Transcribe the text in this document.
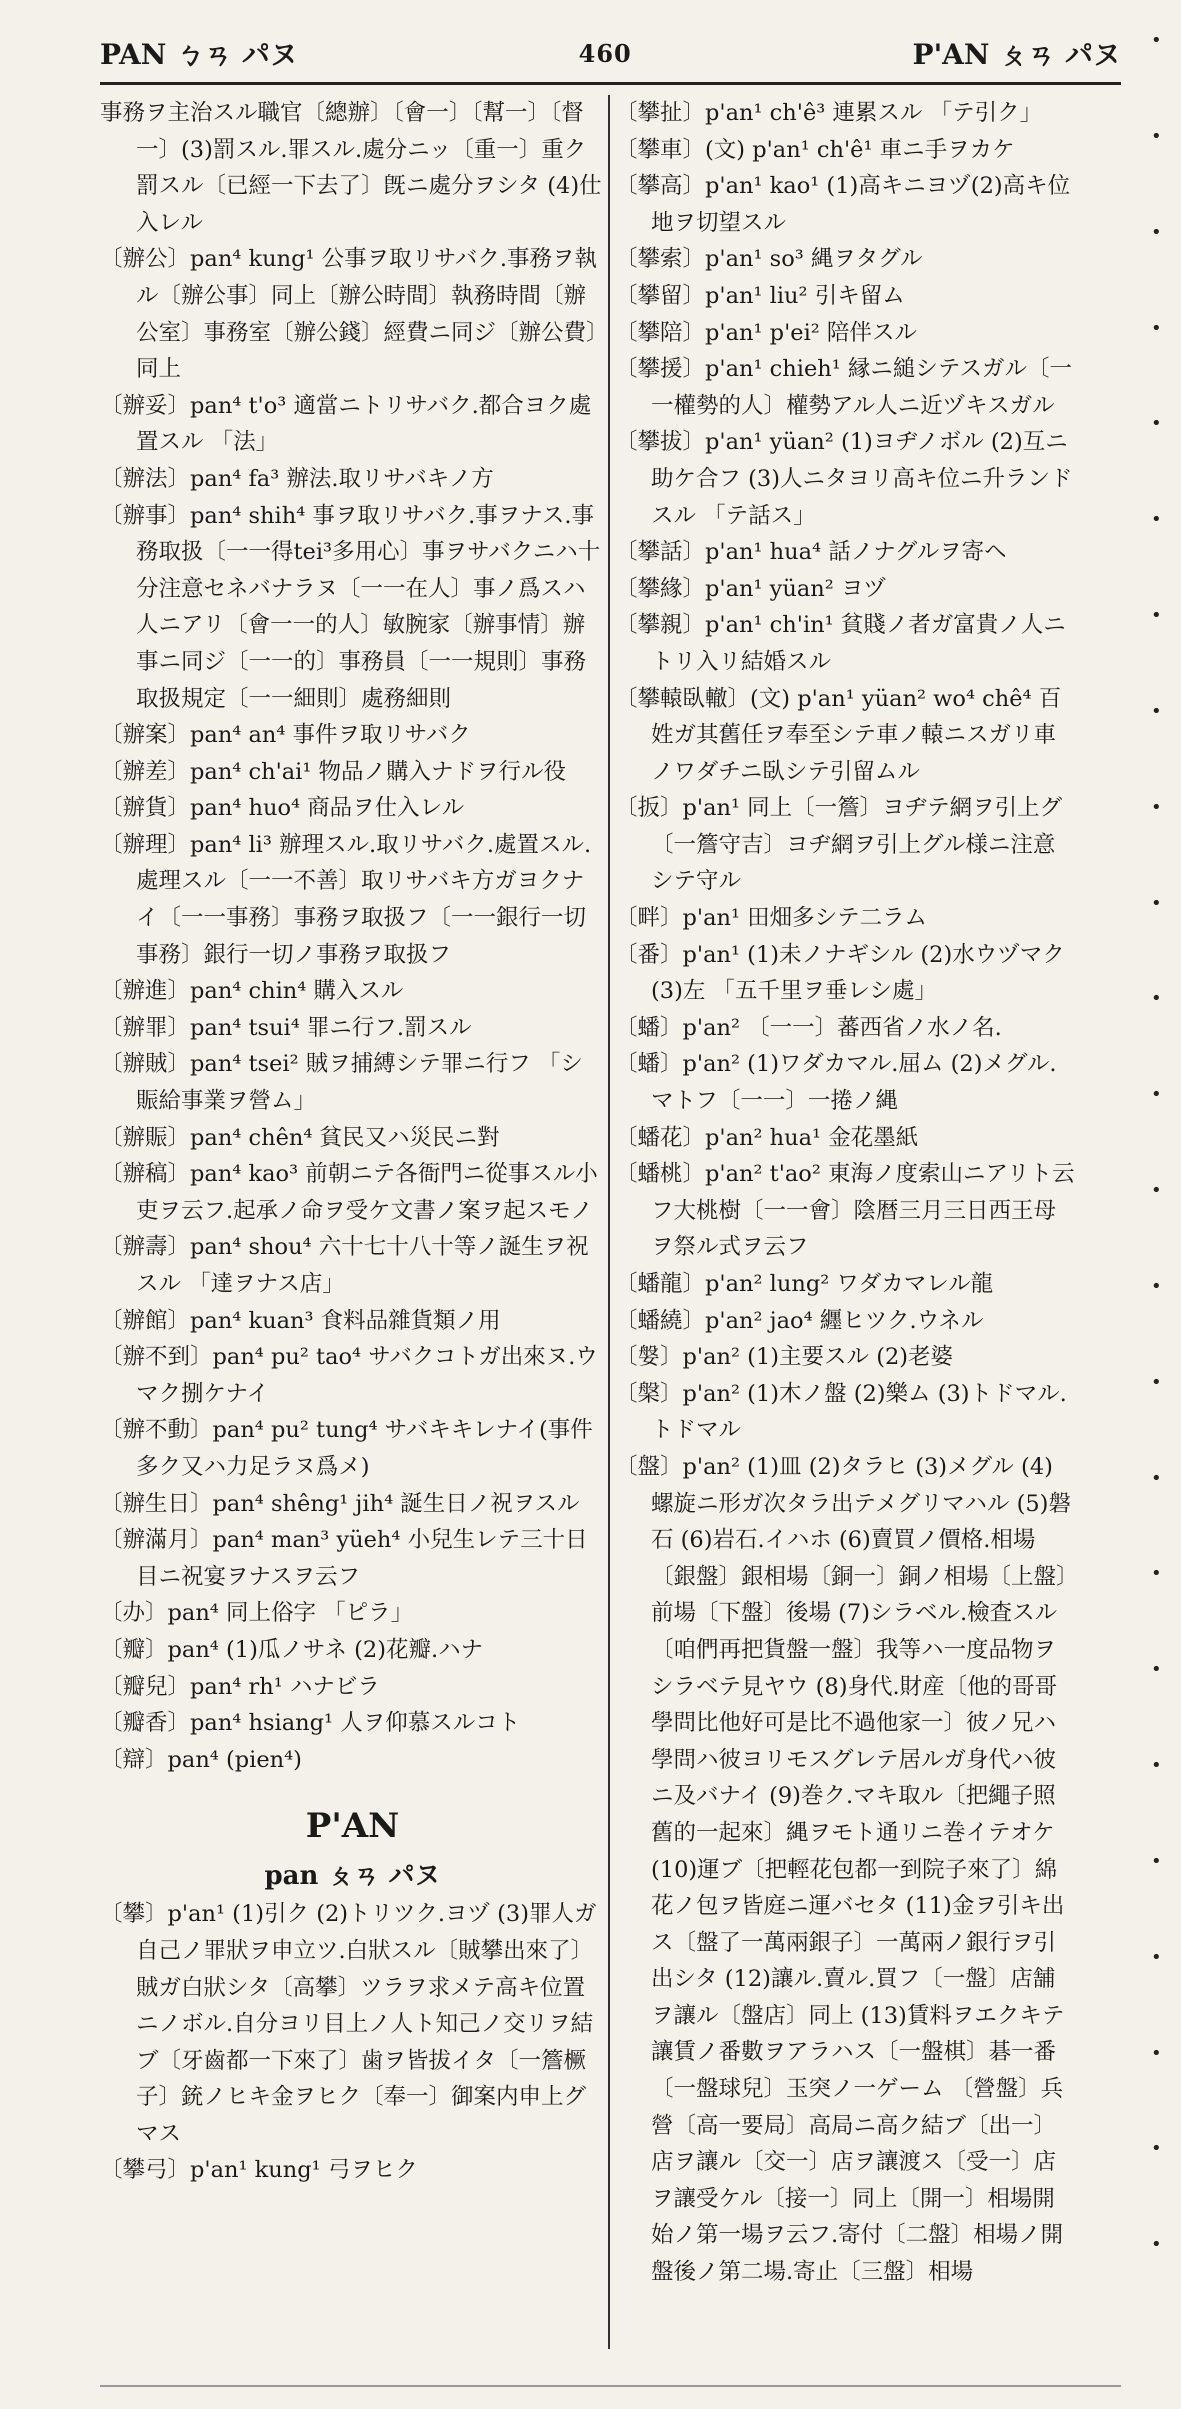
PAN ㄅㄢ パヌ	460	P'AN ㄆㄢ パヌ

事務ヲ主治スル職官〔總辦〕〔會一〕〔幫一〕〔督一〕(3)罰スル.罪スル.處分ニッ〔重一〕重ク罰スル〔已經一下去了〕旣ニ處分ヲシタ (4)仕入レル

〔辦公〕pan⁴ kung¹ 公事ヲ取リサバク.事務ヲ執ル〔辦公事〕同上〔辦公時間〕執務時間〔辦公室〕事務室〔辦公錢〕經費ニ同ジ〔辦公費〕同上

〔辦妥〕pan⁴ t'o³ 適當ニトリサバク.都合ヨク處置スル 「法」

〔辦法〕pan⁴ fa³ 辦法.取リサバキノ方

〔辦事〕pan⁴ shih⁴ 事ヲ取リサバク.事ヲナス.事務取扱〔一一得tei³多用心〕事ヲサバクニハ十分注意セネバナラヌ〔一一在人〕事ノ爲スハ人ニアリ〔會一一的人〕敏腕家〔辦事情〕辦事ニ同ジ〔一一的〕事務員〔一一規則〕事務取扱規定〔一一細則〕處務細則

〔辦案〕pan⁴ an⁴ 事件ヲ取リサバク

〔辦差〕pan⁴ ch'ai¹ 物品ノ購入ナドヲ行ル役

〔辦貨〕pan⁴ huo⁴ 商品ヲ仕入レル

〔辦理〕pan⁴ li³ 辦理スル.取リサバク.處置スル.處理スル〔一一不善〕取リサバキ方ガヨクナイ〔一一事務〕事務ヲ取扱フ〔一一銀行一切事務〕銀行一切ノ事務ヲ取扱フ

〔辦進〕pan⁴ chin⁴ 購入スル

〔辦罪〕pan⁴ tsui⁴ 罪ニ行フ.罰スル

〔辦賊〕pan⁴ tsei² 賊ヲ捕縛シテ罪ニ行フ 「シ賑給事業ヲ營ム」

〔辦賑〕pan⁴ chên⁴ 貧民又ハ災民ニ對

〔辦稿〕pan⁴ kao³ 前朝ニテ各衙門ニ從事スル小吏ヲ云フ.起承ノ命ヲ受ケ文書ノ案ヲ起スモノ

〔辦壽〕pan⁴ shou⁴ 六十七十八十等ノ誕生ヲ祝スル 「達ヲナス店」

〔辦館〕pan⁴ kuan³ 食料品雜貨類ノ用

〔辦不到〕pan⁴ pu² tao⁴ サバクコトガ出來ヌ.ウマク捌ケナイ

〔辦不動〕pan⁴ pu² tung⁴ サバキキレナイ(事件多ク又ハ力足ラヌ爲メ)

〔辦生日〕pan⁴ shêng¹ jih⁴ 誕生日ノ祝ヲスル

〔辦滿月〕pan⁴ man³ yüeh⁴ 小兒生レテ三十日目ニ祝宴ヲナスヲ云フ

〔办〕pan⁴ 同上俗字 「ピラ」

〔瓣〕pan⁴ (1)瓜ノサネ (2)花瓣.ハナ

〔瓣兒〕pan⁴ rh¹ ハナビラ

〔瓣香〕pan⁴ hsiang¹ 人ヲ仰慕スルコト

〔辯〕pan⁴ (pien⁴)

P'AN
pan ㄆㄢ パヌ

〔攀〕p'an¹ (1)引ク (2)トリツク.ヨヅ (3)罪人ガ自己ノ罪狀ヲ申立ツ.白狀スル〔賊攀出來了〕賊ガ白狀シタ〔高攀〕ツラヲ求メテ高キ位置ニノボル.自分ヨリ目上ノ人ト知己ノ交リヲ結ブ〔牙齒都一下來了〕歯ヲ皆拔イタ〔一簷橛子〕銃ノヒキ金ヲヒク〔奉一〕御案内申上グマス

〔攀弓〕p'an¹ kung¹ 弓ヲヒク

〔攀扯〕p'an¹ ch'ê³ 連累スル 「テ引ク」

〔攀車〕(文) p'an¹ ch'ê¹ 車ニ手ヲカケ

〔攀高〕p'an¹ kao¹ (1)高キニヨヅ(2)高キ位地ヲ切望スル

〔攀索〕p'an¹ so³ 縄ヲタグル

〔攀留〕p'an¹ liu² 引キ留ム

〔攀陪〕p'an¹ p'ei² 陪伴スル

〔攀援〕p'an¹ chieh¹ 縁ニ縋シテスガル〔一一權勢的人〕權勢アル人ニ近ヅキスガル

〔攀拔〕p'an¹ yüan² (1)ヨヂノボル (2)互ニ助ケ合フ (3)人ニタヨリ高キ位ニ升ランドスル 「テ話ス」

〔攀話〕p'an¹ hua⁴ 話ノナグルヲ寄ヘ

〔攀緣〕p'an¹ yüan² ヨヅ

〔攀親〕p'an¹ ch'in¹ 貧賤ノ者ガ富貴ノ人ニトリ入リ結婚スル

〔攀轅臥轍〕(文) p'an¹ yüan² wo⁴ chê⁴ 百姓ガ其舊任ヲ奉至シテ車ノ轅ニスガリ車ノワダチニ臥シテ引留ムル

〔扳〕p'an¹ 同上〔一簷〕ヨヂテ網ヲ引上グ〔一簷守吉〕ヨヂ網ヲ引上グル様ニ注意シテ守ル

〔畔〕p'an¹ 田畑多シテ二ラム

〔番〕p'an¹ (1)未ノナギシル (2)水ウヅマク (3)左 「五千里ヲ垂レシ處」

〔蟠〕p'an² 〔一一〕蕃西省ノ水ノ名.

〔蟠〕p'an² (1)ワダカマル.屈ム (2)メグル.マトフ〔一一〕一捲ノ縄

〔蟠花〕p'an² hua¹ 金花墨紙

〔蟠桃〕p'an² t'ao² 東海ノ度索山ニアリト云フ大桃樹〔一一會〕陰暦三月三日西王母ヲ祭ル式ヲ云フ

〔蟠龍〕p'an² lung² ワダカマレル龍

〔蟠繞〕p'an² jao⁴ 纒ヒツク.ウネル

〔媻〕p'an² (1)主要スル (2)老婆

〔槃〕p'an² (1)木ノ盤 (2)樂ム (3)トドマル.トドマル

〔盤〕p'an² (1)皿 (2)タラヒ (3)メグル (4)螺旋ニ形ガ次タラ出テメグリマハル (5)磐石 (6)岩石.イハホ (6)賣買ノ價格.相場〔銀盤〕銀相場〔銅一〕銅ノ相場〔上盤〕前場〔下盤〕後場 (7)シラベル.檢査スル〔咱們再把貨盤一盤〕我等ハ一度品物ヲシラベテ見ヤウ (8)身代.財産〔他的哥哥學問比他好可是比不過他家一〕彼ノ兄ハ學問ハ彼ヨリモスグレテ居ルガ身代ハ彼ニ及バナイ (9)巻ク.マキ取ル〔把繩子照舊的一起來〕縄ヲモト通リニ巻イテオケ (10)運ブ〔把輕花包都一到院子來了〕綿花ノ包ヲ皆庭ニ運バセタ (11)金ヲ引キ出ス〔盤了一萬兩銀子〕一萬兩ノ銀行ヲ引出シタ (12)讓ル.賣ル.買フ〔一盤〕店舗ヲ讓ル〔盤店〕同上 (13)賃料ヲエクキテ讓賃ノ番數ヲアラハス〔一盤棋〕碁一番〔一盤球兒〕玉突ノ一ゲーム 〔營盤〕兵營〔高一要局〕高局ニ高ク結ブ〔出一〕店ヲ讓ル〔交一〕店ヲ讓渡ス〔受一〕店ヲ讓受ケル〔接一〕同上〔開一〕相場開始ノ第一場ヲ云フ.寄付〔二盤〕相場ノ開盤後ノ第二場.寄止〔三盤〕相場

•
•
•
•
•
•
•
•
•
•
•
•
•
•
•
•
•
•
•
•
•
•
•
•
